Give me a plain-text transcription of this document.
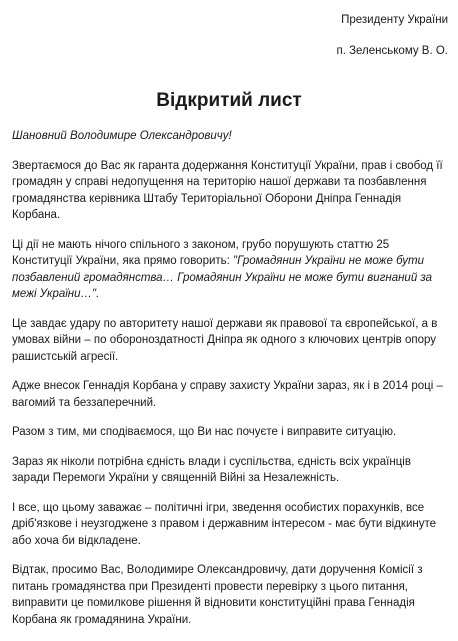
Президенту України
п. Зеленському В. О.
Відкритий лист

Шановний Володимире Олександровичу!

Звертаємося до Вас як гаранта додержання Конституції України, прав і свобод її громадян у справі недопущення на територію нашої держави та позбавлення громадянства керівника Штабу Територіальної Оборони Дніпра Геннадія Корбана.

Ці дії не мають нічого спільного з законом, грубо порушують статтю 25 Конституції України, яка прямо говорить: "Громадянин України не може бути позбавлений громадянства… Громадянин України не може бути вигнаний за межі України…".

Це завдає удару по авторитету нашої держави як правової та європейської, а в умовах війни – по обороноздатності Дніпра як одного з ключових центрів опору рашистській агресії.

Адже внесок Геннадія Корбана у справу захисту України зараз, як і в 2014 році – вагомий та беззаперечний.

Разом з тим, ми сподіваємося, що Ви нас почуєте і виправите ситуацію.

Зараз як ніколи потрібна єдність влади і суспільства, єдність всіх українців заради Перемоги України у священній Війні за Незалежність.

І все, що цьому заважає – політичні ігри, зведення особистих порахунків, все дріб'язкове і неузгоджене з правом і державним інтересом - має бути відкинуте або хоча би відкладене.

Відтак, просимо Вас, Володимире Олександровичу, дати доручення Комісії з питань громадянства при Президенті провести перевірку з цього питання, виправити це помилкове рішення й відновити конституційні права Геннадія Корбана як громадянина України.
